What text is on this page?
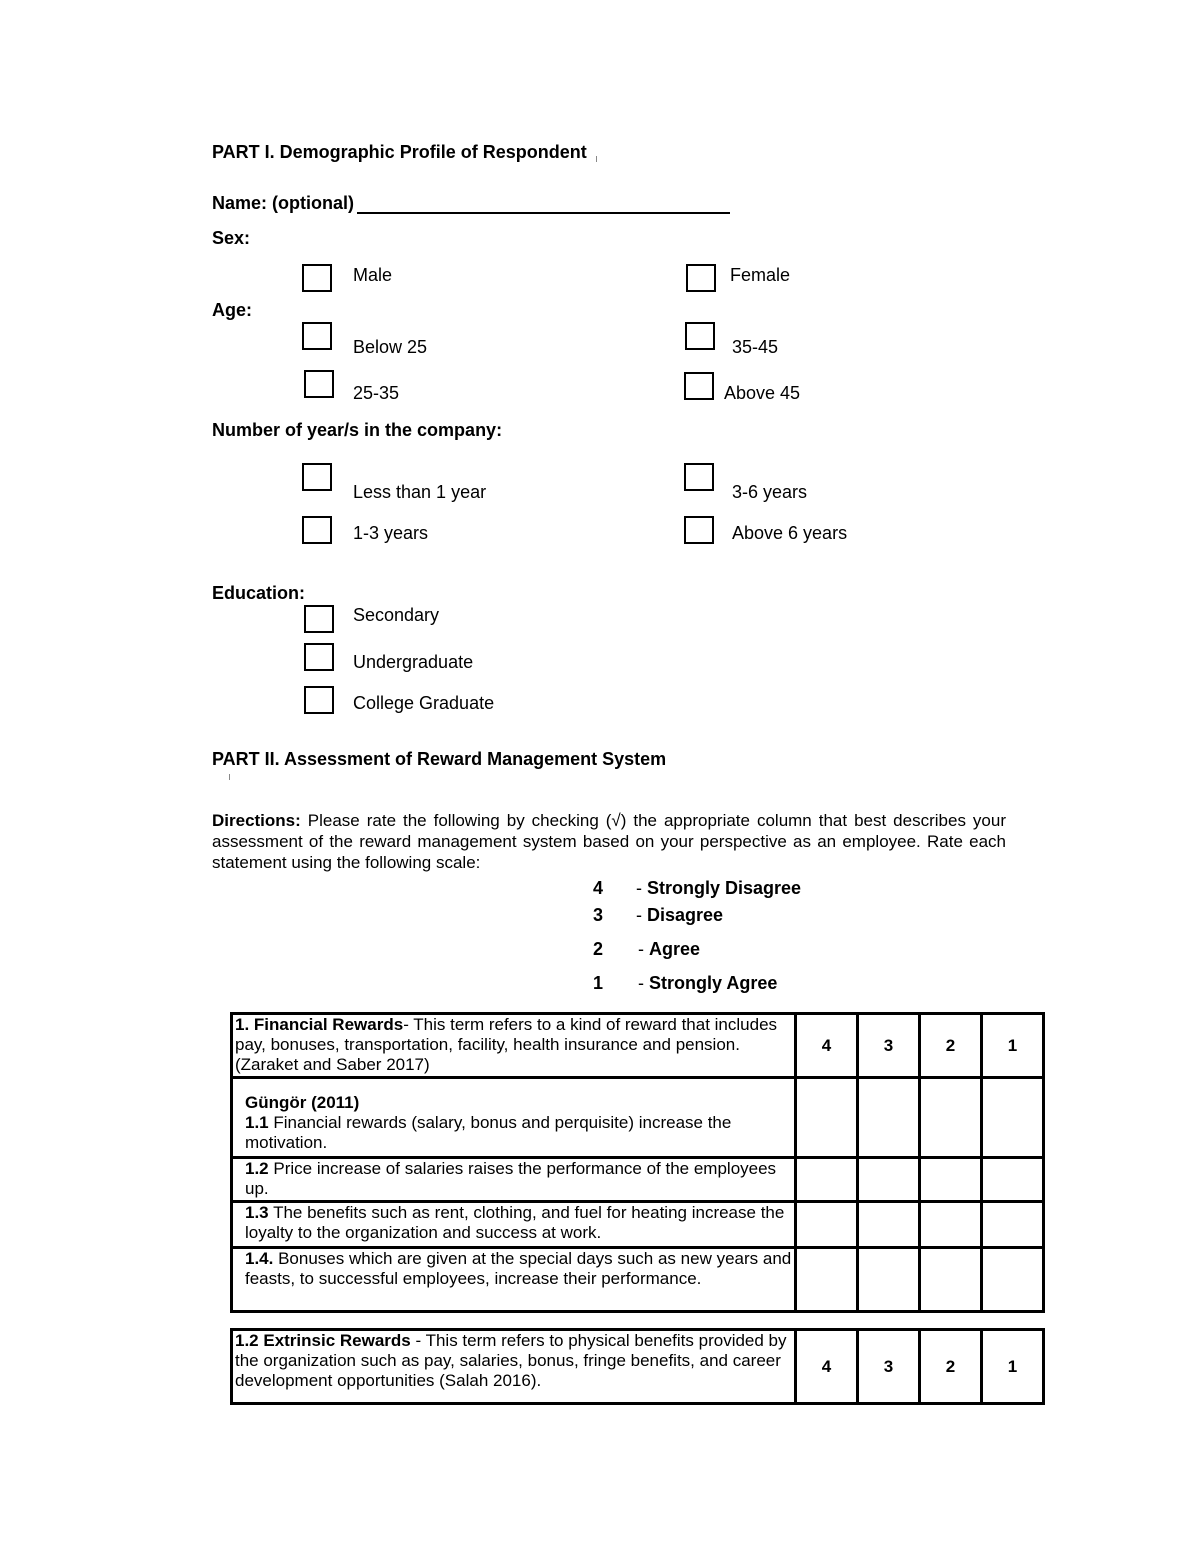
PART I. Demographic Profile of Respondent
Name: (optional)
Sex:
Male	Female
Age:
Below 25	35-45
25-35	Above 45
Number of year/s in the company:
Less than 1 year	3-6 years
1-3 years	Above 6 years
Education:
Secondary
Undergraduate
College Graduate
PART II. Assessment of Reward Management System
Directions: Please rate the following by checking (√) the appropriate column that best describes your assessment of the reward management system based on your perspective as an employee. Rate each statement using the following scale:
4 - Strongly Disagree
3 - Disagree
2 - Agree
1 - Strongly Agree
1. Financial Rewards- This term refers to a kind of reward that includes pay, bonuses, transportation, facility, health insurance and pension. (Zaraket and Saber 2017)	4	3	2	1

Güngör (2011)
1.1 Financial rewards (salary, bonus and perquisite) increase the motivation.				
1.2 Price increase of salaries raises the performance of the employees up.				
1.3 The benefits such as rent, clothing, and fuel for heating increase the loyalty to the organization and success at work.				
1.4. Bonuses which are given at the special days such as new years and feasts, to successful employees, increase their performance.				
1.2 Extrinsic Rewards - This term refers to physical benefits provided by the organization such as pay, salaries, bonus, fringe benefits, and career development opportunities (Salah 2016).	4	3	2	1
